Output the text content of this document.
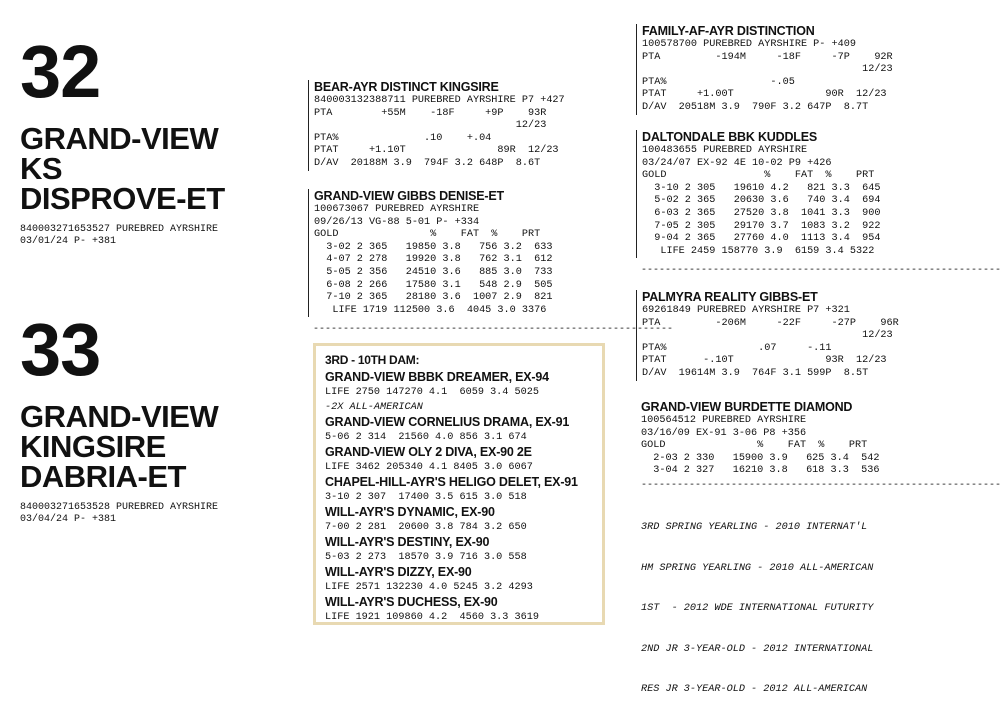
32
GRAND-VIEW
KS
DISPROVE-ET
840003271653527 PUREBRED AYRSHIRE
03/01/24 P- +381
33
GRAND-VIEW
KINGSIRE
DABRIA-ET
840003271653528 PUREBRED AYRSHIRE
03/04/24 P- +381
BEAR-AYR DISTINCT KINGSIRE
840003132388711 PUREBRED AYRSHIRE P7 +427
PTA        +55M    -18F     +9P    93R
12/23
PTA%              .10    +.04
PTAT     +1.10T               89R  12/23
D/AV  20188M 3.9  794F 3.2 648P  8.6T
GRAND-VIEW GIBBS DENISE-ET
100673067 PUREBRED AYRSHIRE
09/26/13 VG-88 5-01 P- +334
GOLD               %    FAT  %    PRT
3-02 2 365   19850 3.8   756 3.2  633
4-07 2 278   19920 3.8   762 3.1  612
5-05 2 356   24510 3.6   885 3.0  733
6-08 2 266   17580 3.1   548 2.9  505
7-10 2 365   28180 3.6  1007 2.9  821
LIFE 1719 112500 3.6  4045 3.0 3376
------------------------------------------------------------
3RD - 10TH DAM:
GRAND-VIEW BBBK DREAMER, EX-94
LIFE 2750 147270 4.1  6059 3.4 5025
-2X ALL-AMERICAN
GRAND-VIEW CORNELIUS DRAMA, EX-91
5-06 2 314  21560 4.0 856 3.1 674
GRAND-VIEW OLY 2 DIVA, EX-90 2E
LIFE 3462 205340 4.1 8405 3.0 6067
CHAPEL-HILL-AYR'S HELIGO DELET, EX-91
3-10 2 307  17400 3.5 615 3.0 518
WILL-AYR'S DYNAMIC, EX-90
7-00 2 281  20600 3.8 784 3.2 650
WILL-AYR'S DESTINY, EX-90
5-03 2 273  18570 3.9 716 3.0 558
WILL-AYR'S DIZZY, EX-90
LIFE 2571 132230 4.0 5245 3.2 4293
WILL-AYR'S DUCHESS, EX-90
LIFE 1921 109860 4.2  4560 3.3 3619
FAMILY-AF-AYR DISTINCTION
100578700 PUREBRED AYRSHIRE P- +409
PTA         -194M     -18F     -7P    92R
12/23
PTA%                 -.05
PTAT     +1.00T               90R  12/23
D/AV  20518M 3.9  790F 3.2 647P  8.7T
DALTONDALE BBK KUDDLES
100483655 PUREBRED AYRSHIRE
03/24/07 EX-92 4E 10-02 P9 +426
GOLD                %    FAT  %    PRT
3-10 2 305   19610 4.2   821 3.3  645
5-02 2 365   20630 3.6   740 3.4  694
6-03 2 365   27520 3.8  1041 3.3  900
7-05 2 305   29170 3.7  1083 3.2  922
9-04 2 365   27760 4.0  1113 3.4  954
LIFE 2459 158770 3.9  6159 3.4 5322
------------------------------------------------------------
PALMYRA REALITY GIBBS-ET
69261849 PUREBRED AYRSHIRE P7 +321
PTA         -206M     -22F     -27P    96R
12/23
PTA%               .07     -.11
PTAT      -.10T               93R  12/23
D/AV  19614M 3.9  764F 3.1 599P  8.5T
GRAND-VIEW BURDETTE DIAMOND
100564512 PUREBRED AYRSHIRE
03/16/09 EX-91 3-06 P8 +356
GOLD               %    FAT  %    PRT
2-03 2 330   15900 3.9   625 3.4  542
3-04 2 327   16210 3.8   618 3.3  536
------------------------------------------------------------

3RD SPRING YEARLING - 2010 INTERNAT'L

HM SPRING YEARLING - 2010 ALL-AMERICAN

1ST  - 2012 WDE INTERNATIONAL FUTURITY

2ND JR 3-YEAR-OLD - 2012 INTERNATIONAL

RES JR 3-YEAR-OLD - 2012 ALL-AMERICAN
